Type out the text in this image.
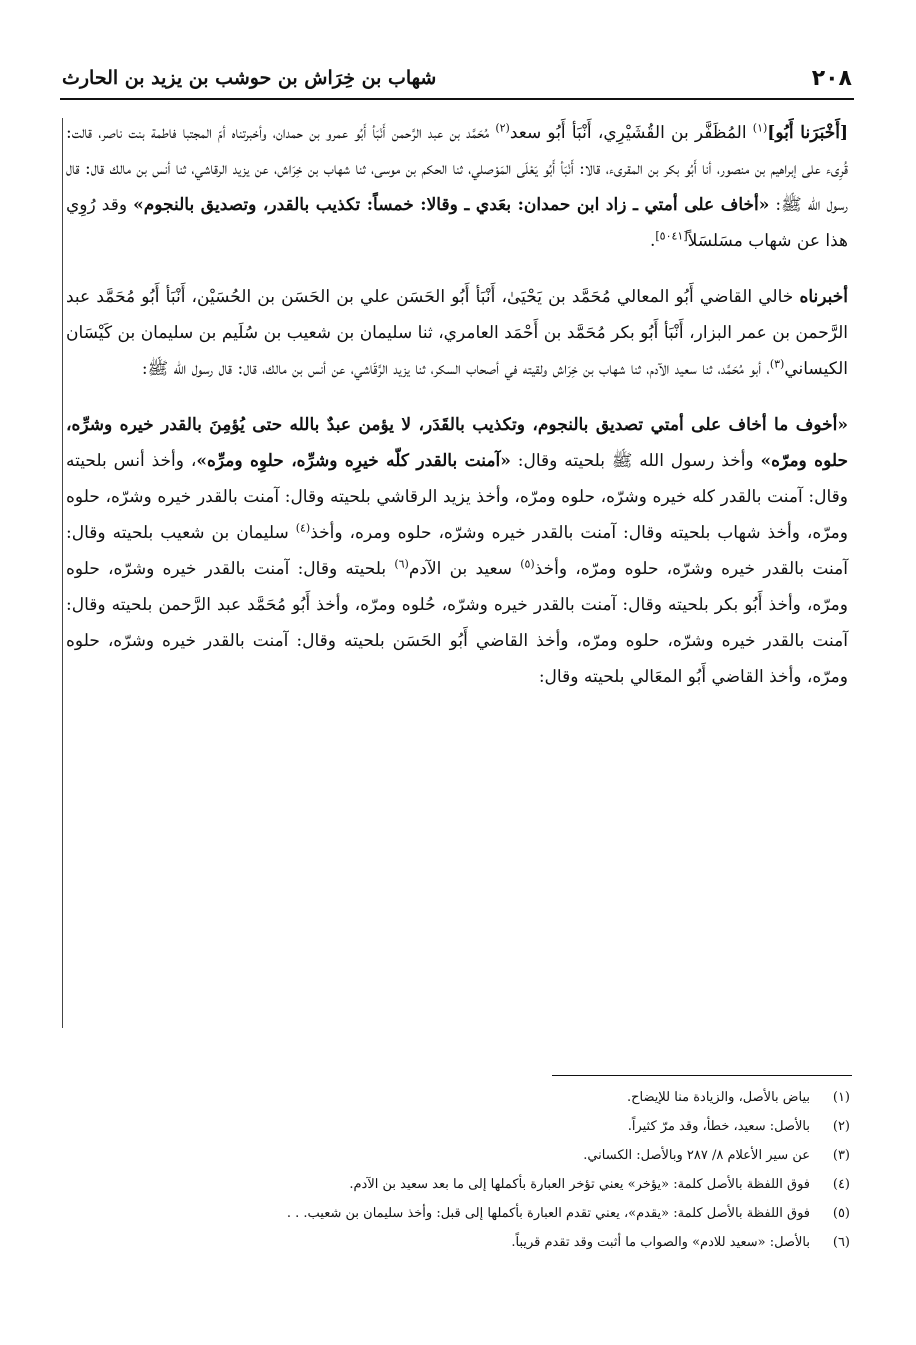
٢٠٨
شهاب بن خِرَاش بن حوشب بن يزيد بن الحارث

[أَخْبَرَنا أَبُو]$^{(١)}$ المُظَفَّر بن القُشَيْرِي، أَنْبَأ أَبُو سعد$^{(٢)}$ مُحَمَّد بن عبد الرَّحمن أَنْبَأ أَبُو عمرو بن حمدان، وأخبرتناه أمّ المجتبا فاطمة بنت ناصر، قالت: قُرِىء على إبراهيم بن منصور، أنا أَبُو بكر بن المقرىء، قالا: أَنْبَأ أَبُو يَعْلَى المَوْصلي، ثنا الحكم بن موسى، ثنا شهاب بن خِرَاش، عن يزيد الرقاشي، ثنا أنس بن مالك قال: قال رسول الله ﷺ: «أخاف على أمتي ـ زاد ابن حمدان: بعَدي ـ وقالا: خمساً: تكذيب بالقدر، وتصديق بالنجوم» وقد رُوِي هذا عن شهاب مسَلسَلاً[٥٠٤١].

أخبرناه خالي القاضي أَبُو المعالي مُحَمَّد بن يَحْيَىٰ، أَنْبَأ أَبُو الحَسَن علي بن الحَسَن بن الحُسَيْن، أَنْبَأ أَبُو مُحَمَّد عبد الرَّحمن بن عمر البزار، أَنْبَأ أَبُو بكر مُحَمَّد بن أَحْمَد العامري، ثنا سليمان بن شعيب بن سُلَيم بن سليمان بن كَيْسَان الكيساني$^{(٣)}$، أبو مُحَمَّد، ثنا سعيد الآدم، ثنا شهاب بن خِرَاش ولقيته في أصحاب السكر، ثنا يزيد الرَّقَاشي، عن أنس بن مالك، قال: قال رسول الله ﷺ:

«أخوف ما أخاف على أمتي تصديق بالنجوم، وتكذيب بالقَدَر، لا يؤمن عبدٌ بالله حتى يُؤمِنَ بالقدر خيره وشرِّه، حلوه ومرّه» وأخذ رسول الله ﷺ بلحيته وقال: «آمنت بالقدر كلّه خيرِه وشرِّه، حلوِه ومرِّه»، وأخذ أنس بلحيته وقال: آمنت بالقدر كله خيره وشرّه، حلوه ومرّه، وأخذ يزيد الرقاشي بلحيته وقال: آمنت بالقدر خيره وشرّه، حلوه ومرّه، وأخذ شهاب بلحيته وقال: آمنت بالقدر خيره وشرّه، حلوه ومره، وأخذ$^{(٤)}$ سليمان بن شعيب بلحيته وقال: آمنت بالقدر خيره وشرّه، حلوه ومرّه، وأخذ$^{(٥)}$ سعيد بن الآدم$^{(٦)}$ بلحيته وقال: آمنت بالقدر خيره وشرّه، حلوه ومرّه، وأخذ أَبُو بكر بلحيته وقال: آمنت بالقدر خيره وشرّه، حُلوه ومرّه، وأخذ أَبُو مُحَمَّد عبد الرَّحمن بلحيته وقال: آمنت بالقدر خيره وشرّه، حلوه ومرّه، وأخذ القاضي أَبُو الحَسَن بلحيته وقال: آمنت بالقدر خيره وشرّه، حلوه ومرّه، وأخذ القاضي أَبُو المعَالي بلحيته وقال:

(١)
بياض بالأصل، والزيادة منا للإيضاح.
(٢)
بالأصل: سعيد، خطأ، وقد مرّ كثيراً.
(٣)
عن سير الأعلام ٨/ ٢٨٧ وبالأصل: الكساني.
(٤)
فوق اللفظة بالأصل كلمة: «يؤخر» يعني تؤخر العبارة بأكملها إلى ما بعد سعيد بن الآدم.
(٥)
فوق اللفظة بالأصل كلمة: «يقدم»، يعني تقدم العبارة بأكملها إلى قبل: وأخذ سليمان بن شعيب. . .
(٦)
بالأصل: «سعيد للادم» والصواب ما أثبت وقد تقدم قريباً.
